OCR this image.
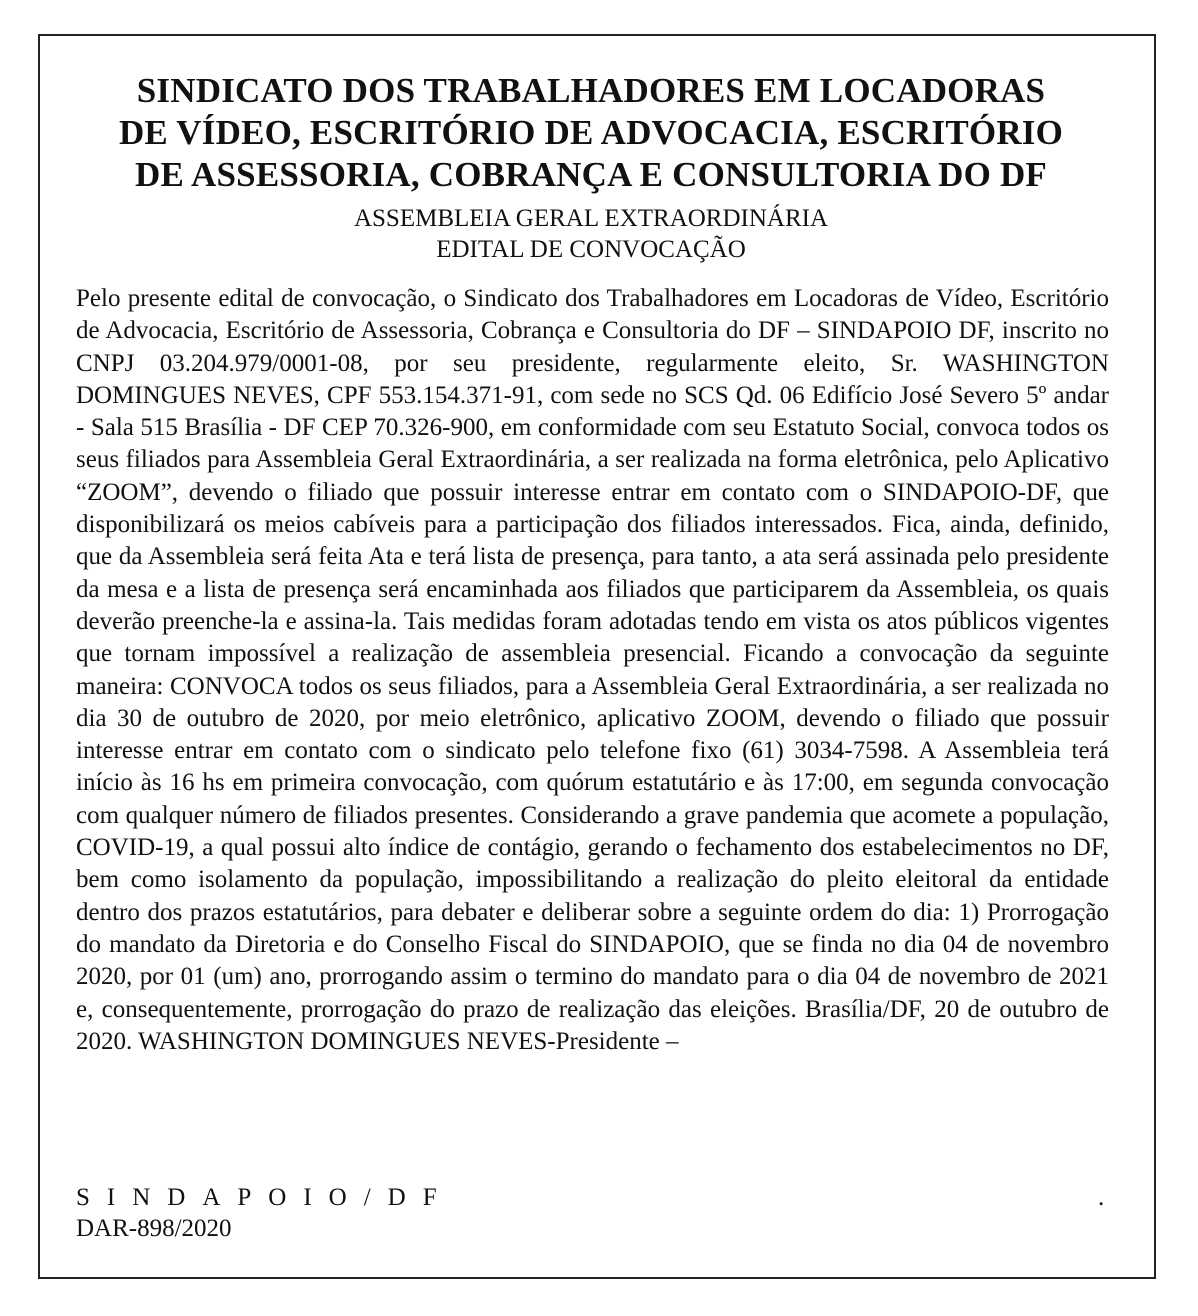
SINDICATO DOS TRABALHADORES EM LOCADORAS
DE VÍDEO, ESCRITÓRIO DE ADVOCACIA, ESCRITÓRIO
DE ASSESSORIA, COBRANÇA E CONSULTORIA DO DF
ASSEMBLEIA GERAL EXTRAORDINÁRIA
EDITAL DE CONVOCAÇÃO

Pelo presente edital de convocação, o Sindicato dos Trabalhadores em Locadoras de Vídeo, Escritório de Advocacia, Escritório de Assessoria, Cobrança e Consultoria do DF – SINDAPOIO DF, inscrito no CNPJ 03.204.979/0001-08, por seu presidente, regularmente eleito, Sr. WASHINGTON DOMINGUES NEVES, CPF 553.154.371-91, com sede no SCS Qd. 06 Edifício José Severo 5º andar - Sala 515 Brasília - DF CEP 70.326-900, em conformidade com seu Estatuto Social, convoca todos os seus filiados para Assembleia Geral Extraordinária, a ser realizada na forma eletrônica, pelo Aplicativo “ZOOM”, devendo o filiado que possuir interesse entrar em contato com o SINDAPOIO-DF, que disponibilizará os meios cabíveis para a participação dos filiados interessados. Fica, ainda, definido, que da Assembleia será feita Ata e terá lista de presença, para tanto, a ata será assinada pelo presidente da mesa e a lista de presença será encaminhada aos filiados que participarem da Assembleia, os quais deverão preenche-la e assina-la. Tais medidas foram adotadas tendo em vista os atos públicos vigentes que tornam impossível a realização de assembleia presencial. Ficando a convocação da seguinte maneira: CONVOCA todos os seus filiados, para a Assembleia Geral Extraordinária, a ser realizada no dia 30 de outubro de 2020, por meio eletrônico, aplicativo ZOOM, devendo o filiado que possuir interesse entrar em contato com o sindicato pelo telefone fixo (61) 3034-7598. A Assembleia terá início às 16 hs em primeira convocação, com quórum estatutário e às 17:00, em segunda convocação com qualquer número de filiados presentes. Considerando a grave pandemia que acomete a população, COVID-19, a qual possui alto índice de contágio, gerando o fechamento dos estabelecimentos no DF, bem como isolamento da população, impossibilitando a realização do pleito eleitoral da entidade dentro dos prazos estatutários, para debater e deliberar sobre a seguinte ordem do dia: 1) Prorrogação do mandato da Diretoria e do Conselho Fiscal do SINDAPOIO, que se finda no dia 04 de novembro 2020, por 01 (um) ano, prorrogando assim o termino do mandato para o dia 04 de novembro de 2021 e, consequentemente, prorrogação do prazo de realização das eleições. Brasília/DF, 20 de outubro de 2020. WASHINGTON DOMINGUES NEVES-Presidente –

SINDAPOIO/DF	.
DAR-898/2020
